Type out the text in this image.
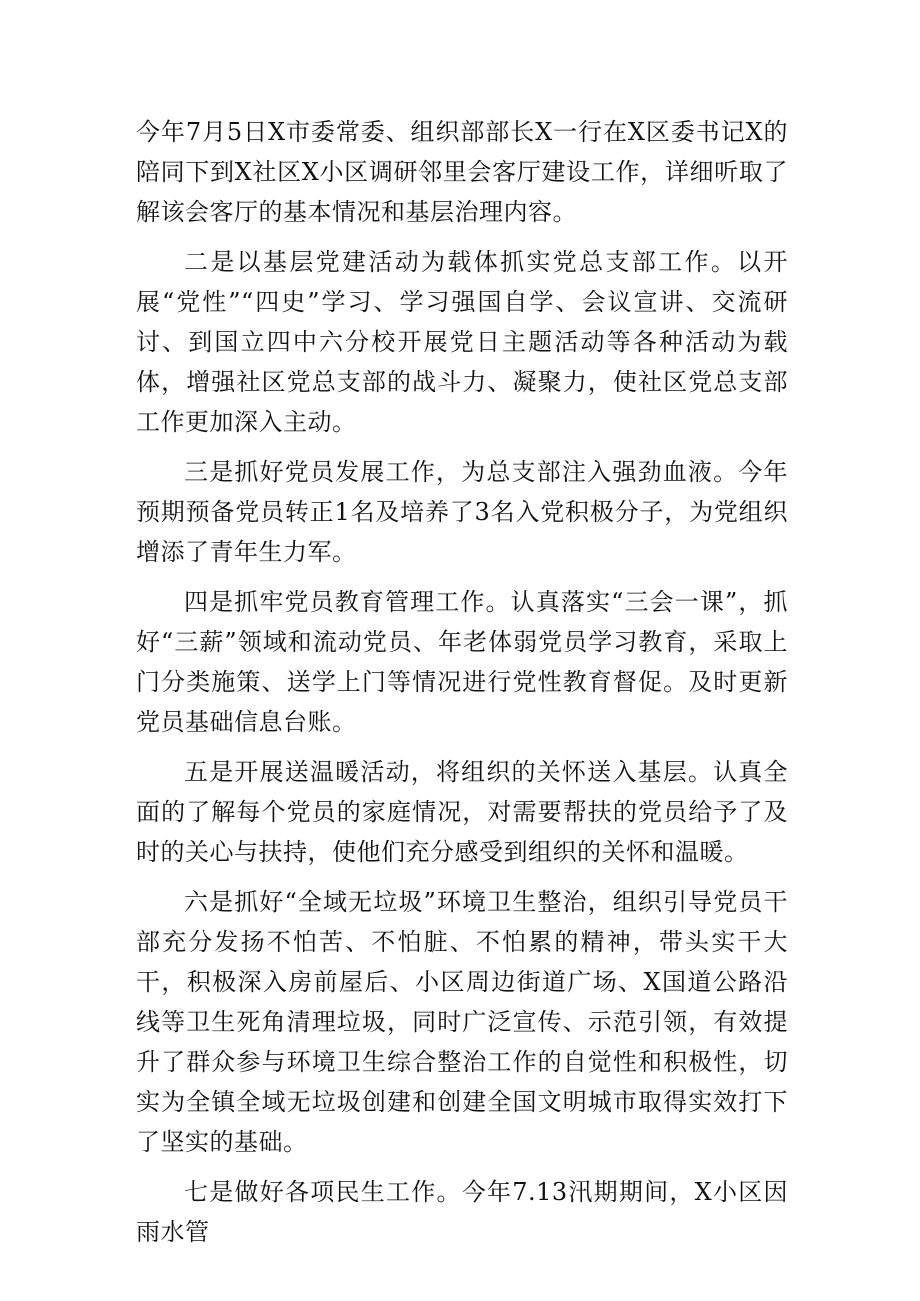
今年7月5日X市委常委、组织部部长X一行在X区委书记X的陪同下到X社区X小区调研邻里会客厅建设工作，详细听取了解该会客厅的基本情况和基层治理内容。

二是以基层党建活动为载体抓实党总支部工作。以开展“党性”“四史”学习、学习强国自学、会议宣讲、交流研讨、到国立四中六分校开展党日主题活动等各种活动为载体，增强社区党总支部的战斗力、凝聚力，使社区党总支部工作更加深入主动。

三是抓好党员发展工作，为总支部注入强劲血液。今年预期预备党员转正1名及培养了3名入党积极分子，为党组织增添了青年生力军。

四是抓牢党员教育管理工作。认真落实“三会一课”，抓好“三薪”领域和流动党员、年老体弱党员学习教育，采取上门分类施策、送学上门等情况进行党性教育督促。及时更新党员基础信息台账。

五是开展送温暖活动，将组织的关怀送入基层。认真全面的了解每个党员的家庭情况，对需要帮扶的党员给予了及时的关心与扶持，使他们充分感受到组织的关怀和温暖。

六是抓好“全域无垃圾”环境卫生整治，组织引导党员干部充分发扬不怕苦、不怕脏、不怕累的精神，带头实干大干，积极深入房前屋后、小区周边街道广场、X国道公路沿线等卫生死角清理垃圾，同时广泛宣传、示范引领，有效提升了群众参与环境卫生综合整治工作的自觉性和积极性，切实为全镇全域无垃圾创建和创建全国文明城市取得实效打下了坚实的基础。

七是做好各项民生工作。今年7.13汛期期间，X小区因雨水管
